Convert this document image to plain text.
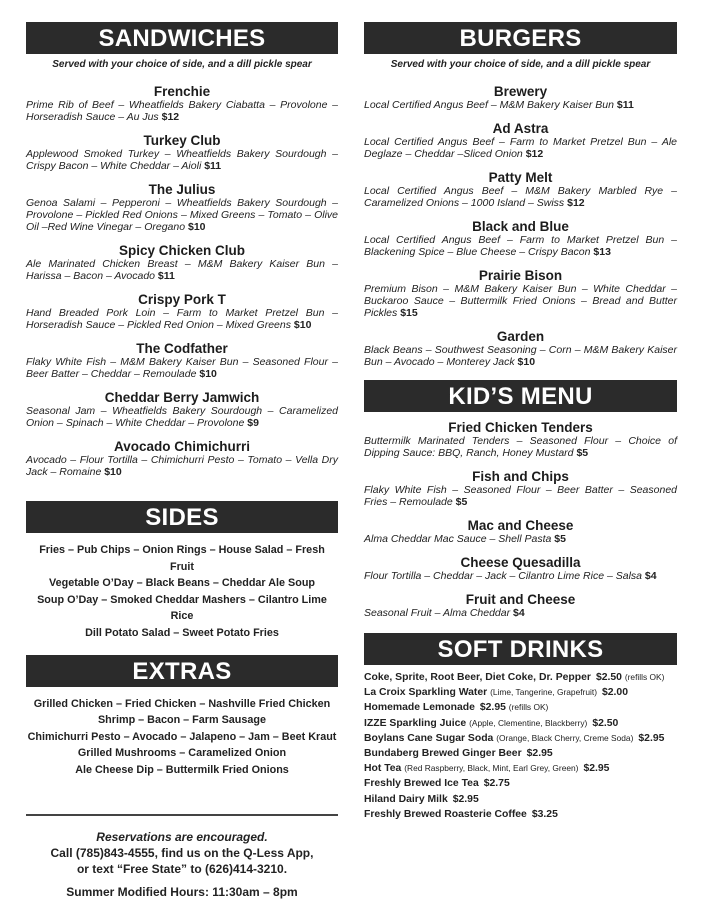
SANDWICHES
Served with your choice of side, and a dill pickle spear
Frenchie
Prime Rib of Beef – Wheatfields Bakery Ciabatta – Provolone – Horseradish Sauce – Au Jus $12
Turkey Club
Applewood Smoked Turkey – Wheatfields Bakery Sourdough – Crispy Bacon – White Cheddar – Aioli $11
The Julius
Genoa Salami – Pepperoni – Wheatfields Bakery Sourdough – Provolone – Pickled Red Onions – Mixed Greens – Tomato – Olive Oil –Red Wine Vinegar – Oregano $10
Spicy Chicken Club
Ale Marinated Chicken Breast – M&M Bakery Kaiser Bun – Harissa – Bacon – Avocado $11
Crispy Pork T
Hand Breaded Pork Loin – Farm to Market Pretzel Bun – Horseradish Sauce – Pickled Red Onion – Mixed Greens $10
The Codfather
Flaky White Fish – M&M Bakery Kaiser Bun – Seasoned Flour – Beer Batter – Cheddar – Remoulade $10
Cheddar Berry Jamwich
Seasonal Jam – Wheatfields Bakery Sourdough – Caramelized Onion – Spinach – White Cheddar – Provolone $9
Avocado Chimichurri
Avocado – Flour Tortilla – Chimichurri Pesto – Tomato – Vella Dry Jack – Romaine $10
SIDES
Fries – Pub Chips – Onion Rings – House Salad – Fresh Fruit
Vegetable O’Day – Black Beans – Cheddar Ale Soup
Soup O’Day – Smoked Cheddar Mashers – Cilantro Lime Rice
Dill Potato Salad – Sweet Potato Fries
EXTRAS
Grilled Chicken – Fried Chicken – Nashville Fried Chicken
Shrimp – Bacon – Farm Sausage
Chimichurri Pesto – Avocado – Jalapeno – Jam – Beet Kraut
Grilled Mushrooms – Caramelized Onion
Ale Cheese Dip – Buttermilk Fried Onions
Reservations are encouraged.
Call (785)843-4555, find us on the Q-Less App,
or text “Free State” to (626)414-3210.
Summer Modified Hours: 11:30am – 8pm
BURGERS
Served with your choice of side, and a dill pickle spear
Brewery
Local Certified Angus Beef – M&M Bakery Kaiser Bun $11
Ad Astra
Local Certified Angus Beef – Farm to Market Pretzel Bun – Ale Deglaze – Cheddar –Sliced Onion $12
Patty Melt
Local Certified Angus Beef – M&M Bakery Marbled Rye – Caramelized Onions – 1000 Island – Swiss $12
Black and Blue
Local Certified Angus Beef – Farm to Market Pretzel Bun – Blackening Spice – Blue Cheese – Crispy Bacon $13
Prairie Bison
Premium Bison – M&M Bakery Kaiser Bun – White Cheddar – Buckaroo Sauce – Buttermilk Fried Onions – Bread and Butter Pickles $15
Garden
Black Beans – Southwest Seasoning – Corn – M&M Bakery Kaiser Bun – Avocado – Monterey Jack $10
KID’S MENU
Fried Chicken Tenders
Buttermilk Marinated Tenders – Seasoned Flour – Choice of Dipping Sauce: BBQ, Ranch, Honey Mustard $5
Fish and Chips
Flaky White Fish – Seasoned Flour – Beer Batter – Seasoned Fries – Remoulade $5
Mac and Cheese
Alma Cheddar Mac Sauce – Shell Pasta $5
Cheese Quesadilla
Flour Tortilla – Cheddar – Jack – Cilantro Lime Rice – Salsa $4
Fruit and Cheese
Seasonal Fruit – Alma Cheddar $4
SOFT DRINKS
Coke, Sprite, Root Beer, Diet Coke, Dr. Pepper $2.50 (refills OK)
La Croix Sparkling Water (Lime, Tangerine, Grapefruit) $2.00
Homemade Lemonade $2.95 (refills OK)
IZZE Sparkling Juice (Apple, Clementine, Blackberry) $2.50
Boylans Cane Sugar Soda (Orange, Black Cherry, Creme Soda) $2.95
Bundaberg Brewed Ginger Beer $2.95
Hot Tea (Red Raspberry, Black, Mint, Earl Grey, Green) $2.95
Freshly Brewed Ice Tea $2.75
Hiland Dairy Milk $2.95
Freshly Brewed Roasterie Coffee $3.25
